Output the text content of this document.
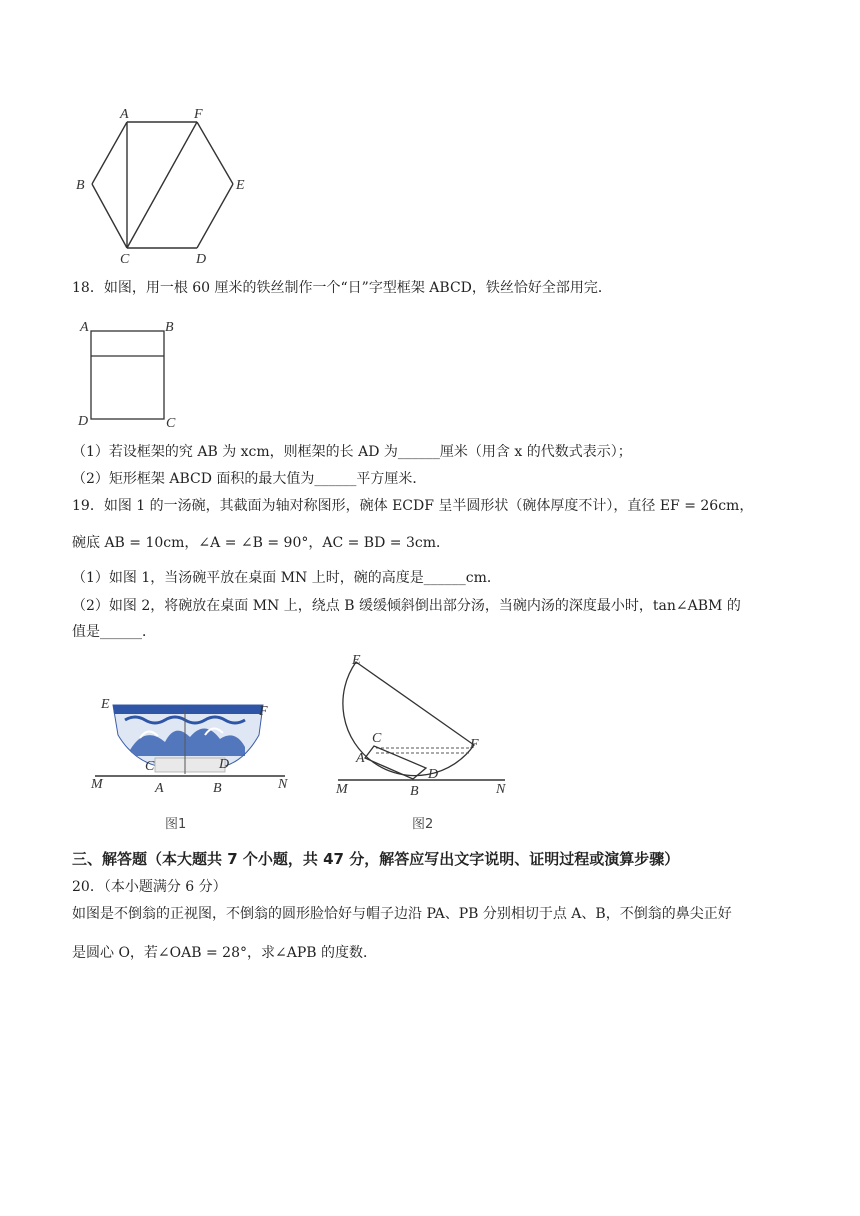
A	F
B	E
C	D
18．如图，用一根 60 厘米的铁丝制作一个“日”字型框架 ABCD，铁丝恰好全部用完．
A	B
D	C
（1）若设框架的究 AB 为 xcm，则框架的长 AD 为______厘米（用含 x 的代数式表示）；
（2）矩形框架 ABCD 面积的最大值为______平方厘米．
19．如图 1 的一汤碗，其截面为轴对称图形，碗体 ECDF 呈半圆形状（碗体厚度不计），直径 EF = 26cm，
碗底 AB = 10cm，∠A = ∠B = 90°，AC = BD = 3cm．
（1）如图 1，当汤碗平放在桌面 MN 上时，碗的高度是______cm．
（2）如图 2，将碗放在桌面 MN 上，绕点 B 缓缓倾斜倒出部分汤，当碗内汤的深度最小时，tan∠ABM 的
值是______．
E	F
C	D
M	A	B	N
图1
E
C
A
F
D
M	B	N
图2
三、解答题（本大题共 7 个小题，共 47 分，解答应写出文字说明、证明过程或演算步骤）
20．（本小题满分 6 分）
如图是不倒翁的正视图，不倒翁的圆形脸恰好与帽子边沿 PA、PB 分别相切于点 A、B，不倒翁的鼻尖正好
是圆心 O，若∠OAB = 28°，求∠APB 的度数．
